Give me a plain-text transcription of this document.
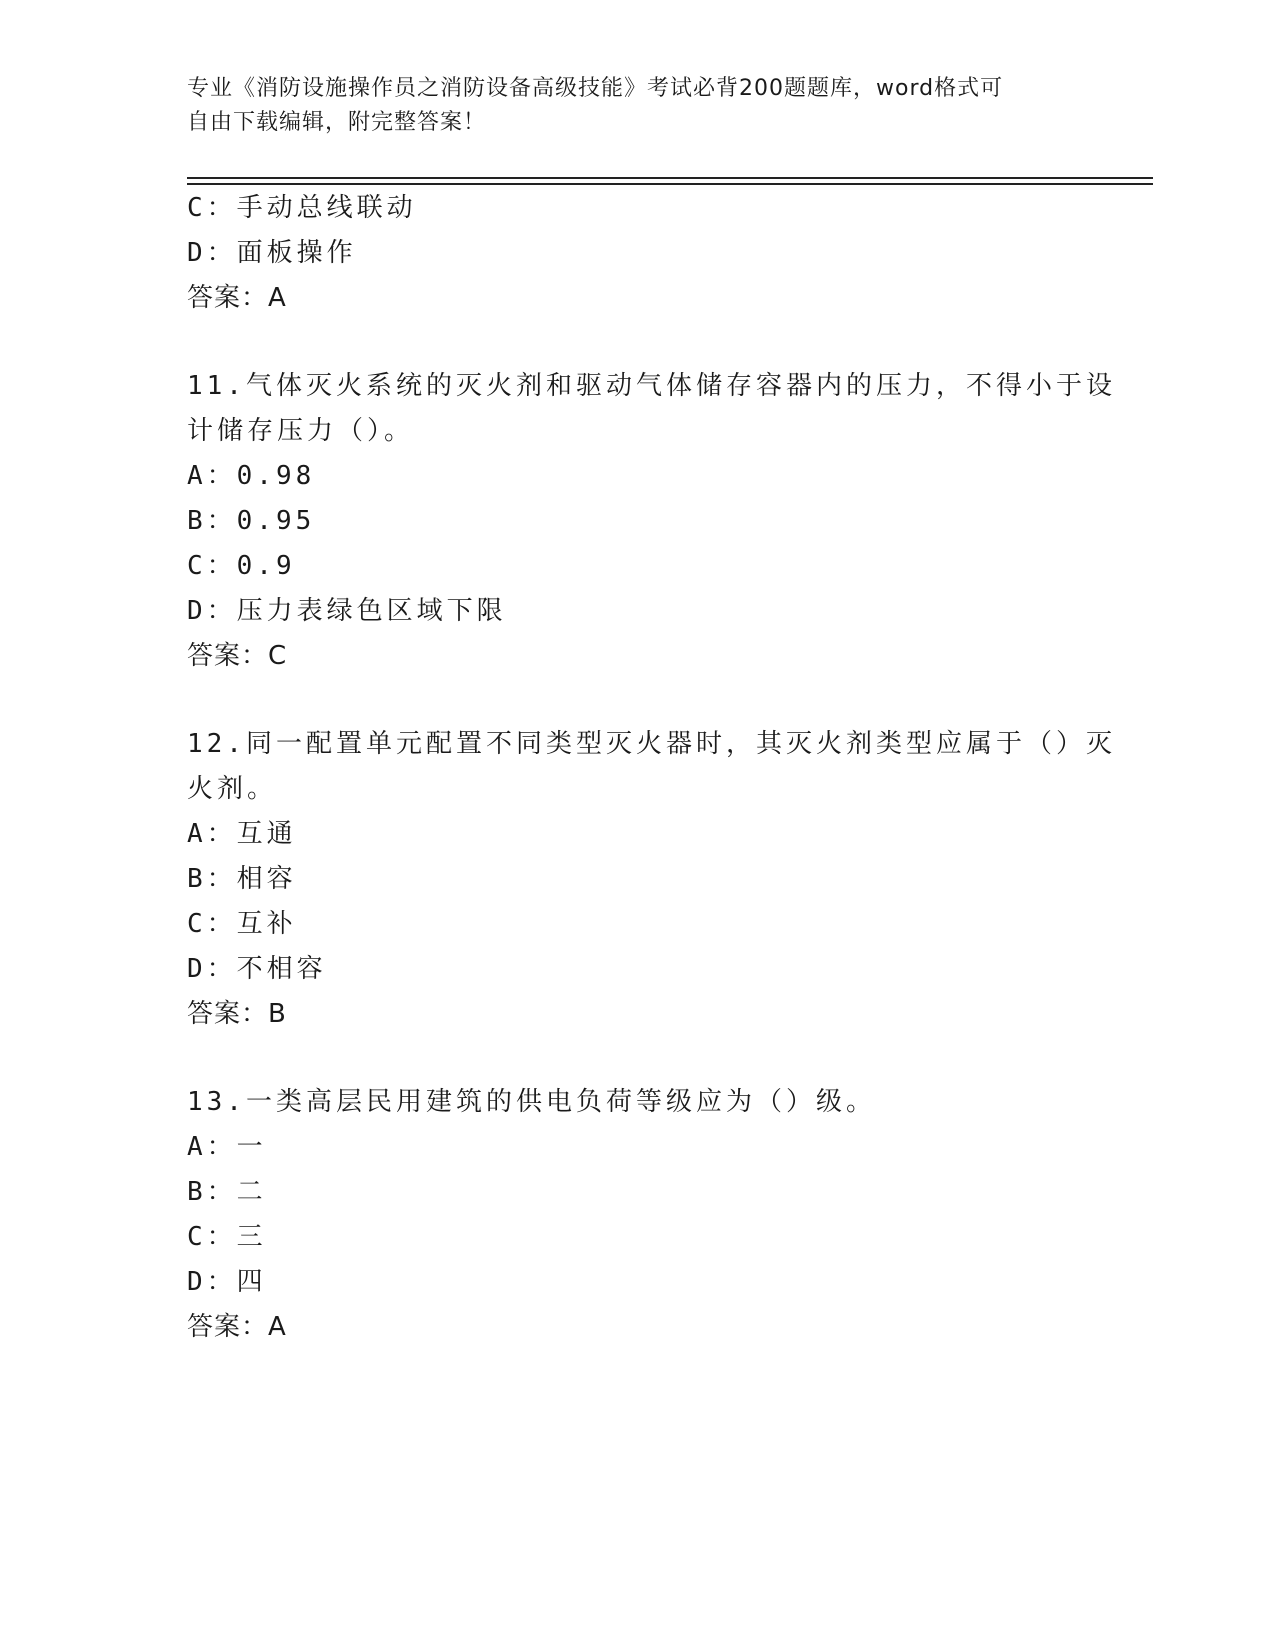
专业《消防设施操作员之消防设备高级技能》考试必背200题题库，word格式可
自由下载编辑，附完整答案！
C：手动总线联动
D：面板操作
答案：A
11.气体灭火系统的灭火剂和驱动气体储存容器内的压力，不得小于设
计储存压力（）。
A：0.98
B：0.95
C：0.9
D：压力表绿色区域下限
答案：C
12.同一配置单元配置不同类型灭火器时，其灭火剂类型应属于（）灭
火剂。
A：互通
B：相容
C：互补
D：不相容
答案：B
13.一类高层民用建筑的供电负荷等级应为（）级。
A：一
B：二
C：三
D：四
答案：A
